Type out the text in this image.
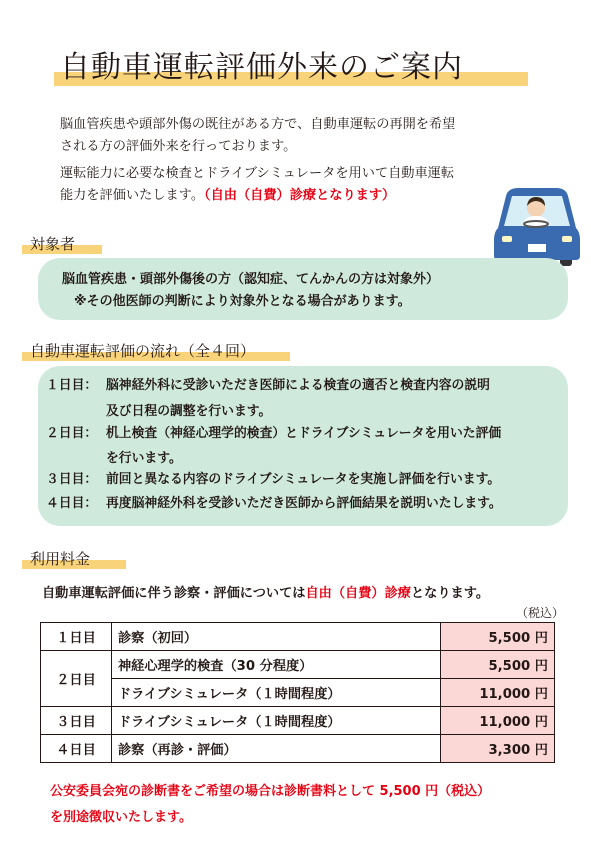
自動車運転評価外来のご案内
脳血管疾患や頭部外傷の既往がある方で、自動車運転の再開を希望
される方の評価外来を行っております。
運転能力に必要な検査とドライブシミュレータを用いて自動車運転
能力を評価いたします。（自由（自費）診療となります）
対象者
脳血管疾患・頭部外傷後の方（認知症、てんかんの方は対象外）
※その他医師の判断により対象外となる場合があります。
自動車運転評価の流れ（全４回）
１日目： 脳神経外科に受診いただき医師による検査の適否と検査内容の説明
及び日程の調整を行います。
２日目： 机上検査（神経心理学的検査）とドライブシミュレータを用いた評価
を行います。
３日目： 前回と異なる内容のドライブシミュレータを実施し評価を行います。
４日目： 再度脳神経外科を受診いただき医師から評価結果を説明いたします。
利用料金
自動車運転評価に伴う診察・評価については自由（自費）診療となります。
（税込）
１日目	診察（初回）	5,500 円
２日目	神経心理学的検査（30 分程度）	5,500 円
	ドライブシミュレータ（１時間程度）	11,000 円
３日目	ドライブシミュレータ（１時間程度）	11,000 円
４日目	診察（再診・評価）	3,300 円
公安委員会宛の診断書をご希望の場合は診断書料として 5,500 円（税込）
を別途徴収いたします。
